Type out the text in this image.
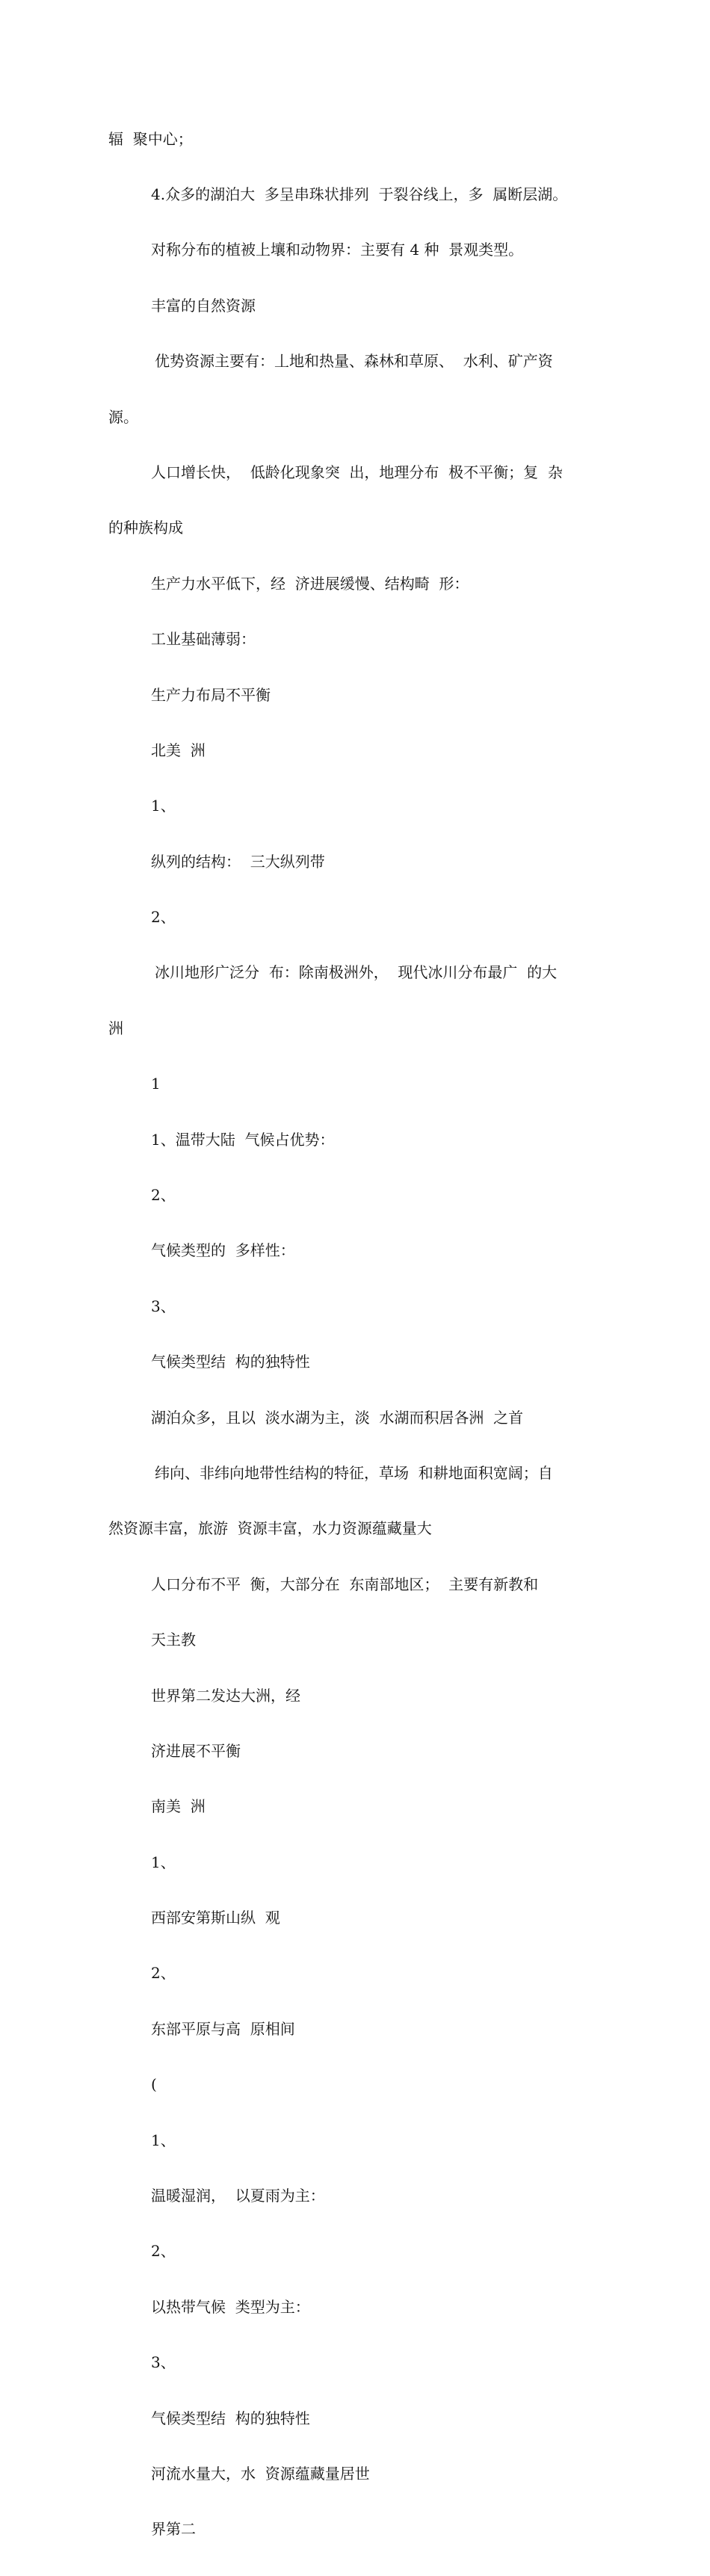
辐  聚中心；

4.众多的湖泊大  多呈串珠状排列  于裂谷线上，多  属断层湖。

对称分布的植被上壤和动物界：主要有 4 种  景观类型。

丰富的自然资源

优势资源主要有：丄地和热量、森林和草原、  水利、矿产资

源。

人口增长快，  低龄化现象突  出，地理分布  极不平衡；复  杂

的种族构成

生产力水平低下，经  济进展缓慢、结构畸  形：

工业基础薄弱：

生产力布局不平衡

北美  洲

1、

纵列的结构：  三大纵列带

2、

冰川地形广泛分  布：除南极洲外，  现代冰川分布最广  的大

洲

1

1、温带大陆  气候占优势：

2、

气候类型的  多样性：

3、

气候类型结  构的独特性

湖泊众多，且以  淡水湖为主，淡  水湖而积居各洲  之首

纬向、非纬向地带性结构的特征，草场  和耕地面积宽阔；自

然资源丰富，旅游  资源丰富，水力资源蕴藏量大

人口分布不平  衡，大部分在  东南部地区；  主要有新教和

天主教

世界第二发达大洲，经

济进展不平衡

南美  洲

1、

西部安第斯山纵  观

2、

东部平原与高  原相间

(

1、

温暖湿润，  以夏雨为主：

2、

以热带气候  类型为主：

3、

气候类型结  构的独特性

河流水量大，水  资源蕴藏量居世

界第二
